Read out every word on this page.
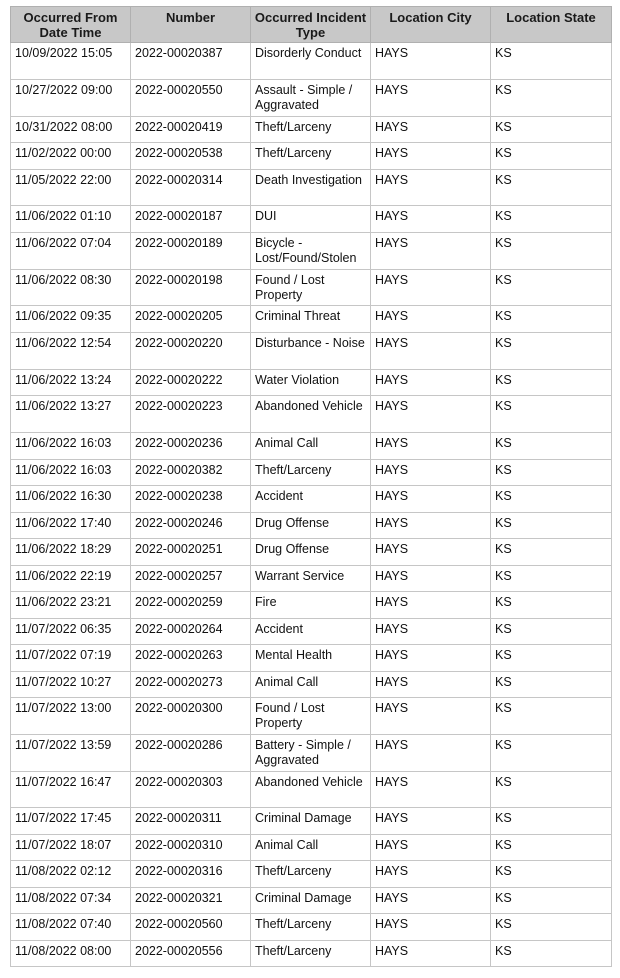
Occurred From Date Time	Number	Occurred Incident Type	Location City	Location State
10/09/2022 15:05	2022-00020387	Disorderly Conduct	HAYS	KS
10/27/2022 09:00	2022-00020550	Assault - Simple / Aggravated	HAYS	KS
10/31/2022 08:00	2022-00020419	Theft/Larceny	HAYS	KS
11/02/2022 00:00	2022-00020538	Theft/Larceny	HAYS	KS
11/05/2022 22:00	2022-00020314	Death Investigation	HAYS	KS
11/06/2022 01:10	2022-00020187	DUI	HAYS	KS
11/06/2022 07:04	2022-00020189	Bicycle - Lost/Found/Stolen	HAYS	KS
11/06/2022 08:30	2022-00020198	Found / Lost Property	HAYS	KS
11/06/2022 09:35	2022-00020205	Criminal Threat	HAYS	KS
11/06/2022 12:54	2022-00020220	Disturbance - Noise	HAYS	KS
11/06/2022 13:24	2022-00020222	Water Violation	HAYS	KS
11/06/2022 13:27	2022-00020223	Abandoned Vehicle	HAYS	KS
11/06/2022 16:03	2022-00020236	Animal Call	HAYS	KS
11/06/2022 16:03	2022-00020382	Theft/Larceny	HAYS	KS
11/06/2022 16:30	2022-00020238	Accident	HAYS	KS
11/06/2022 17:40	2022-00020246	Drug Offense	HAYS	KS
11/06/2022 18:29	2022-00020251	Drug Offense	HAYS	KS
11/06/2022 22:19	2022-00020257	Warrant Service	HAYS	KS
11/06/2022 23:21	2022-00020259	Fire	HAYS	KS
11/07/2022 06:35	2022-00020264	Accident	HAYS	KS
11/07/2022 07:19	2022-00020263	Mental Health	HAYS	KS
11/07/2022 10:27	2022-00020273	Animal Call	HAYS	KS
11/07/2022 13:00	2022-00020300	Found / Lost Property	HAYS	KS
11/07/2022 13:59	2022-00020286	Battery - Simple / Aggravated	HAYS	KS
11/07/2022 16:47	2022-00020303	Abandoned Vehicle	HAYS	KS
11/07/2022 17:45	2022-00020311	Criminal Damage	HAYS	KS
11/07/2022 18:07	2022-00020310	Animal Call	HAYS	KS
11/08/2022 02:12	2022-00020316	Theft/Larceny	HAYS	KS
11/08/2022 07:34	2022-00020321	Criminal Damage	HAYS	KS
11/08/2022 07:40	2022-00020560	Theft/Larceny	HAYS	KS
11/08/2022 08:00	2022-00020556	Theft/Larceny	HAYS	KS
